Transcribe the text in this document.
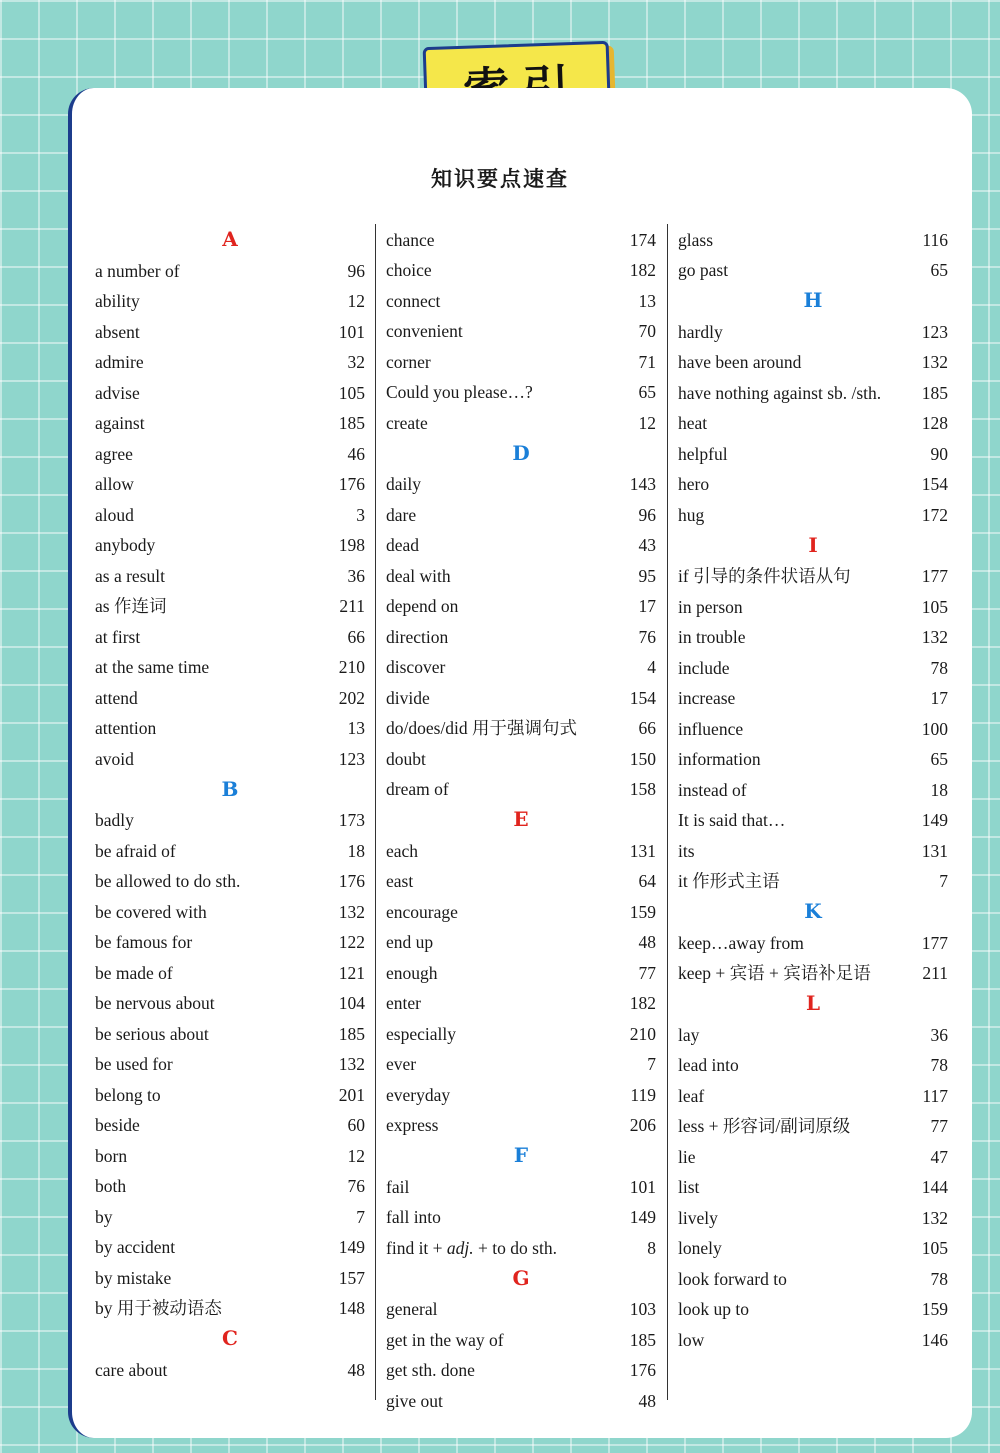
知识要点速查
A
a number of	96
ability	12
absent	101
admire	32
advise	105
against	185
agree	46
allow	176
aloud	3
anybody	198
as a result	36
as 作连词	211
at first	66
at the same time	210
attend	202
attention	13
avoid	123
B
badly	173
be afraid of	18
be allowed to do sth.	176
be covered with	132
be famous for	122
be made of	121
be nervous about	104
be serious about	185
be used for	132
belong to	201
beside	60
born	12
both	76
by	7
by accident	149
by mistake	157
by 用于被动语态	148
C
care about	48
chance	174
choice	182
connect	13
convenient	70
corner	71
Could you please…?	65
create	12
D
daily	143
dare	96
dead	43
deal with	95
depend on	17
direction	76
discover	4
divide	154
do/does/did 用于强调句式	66
doubt	150
dream of	158
E
each	131
east	64
encourage	159
end up	48
enough	77
enter	182
especially	210
ever	7
everyday	119
express	206
F
fail	101
fall into	149
find it + adj. + to do sth.	8
G
general	103
get in the way of	185
get sth. done	176
give out	48
glass	116
go past	65
H
hardly	123
have been around	132
have nothing against sb. /sth. 185
heat	128
helpful	90
hero	154
hug	172
I
if 引导的条件状语从句	177
in person	105
in trouble	132
include	78
increase	17
influence	100
information	65
instead of	18
It is said that…	149
its	131
it 作形式主语	7
K
keep…away from	177
keep + 宾语 + 宾语补足语	211
L
lay	36
lead into	78
leaf	117
less + 形容词/副词原级	77
lie	47
list	144
lively	132
lonely	105
look forward to	78
look up to	159
low	146
